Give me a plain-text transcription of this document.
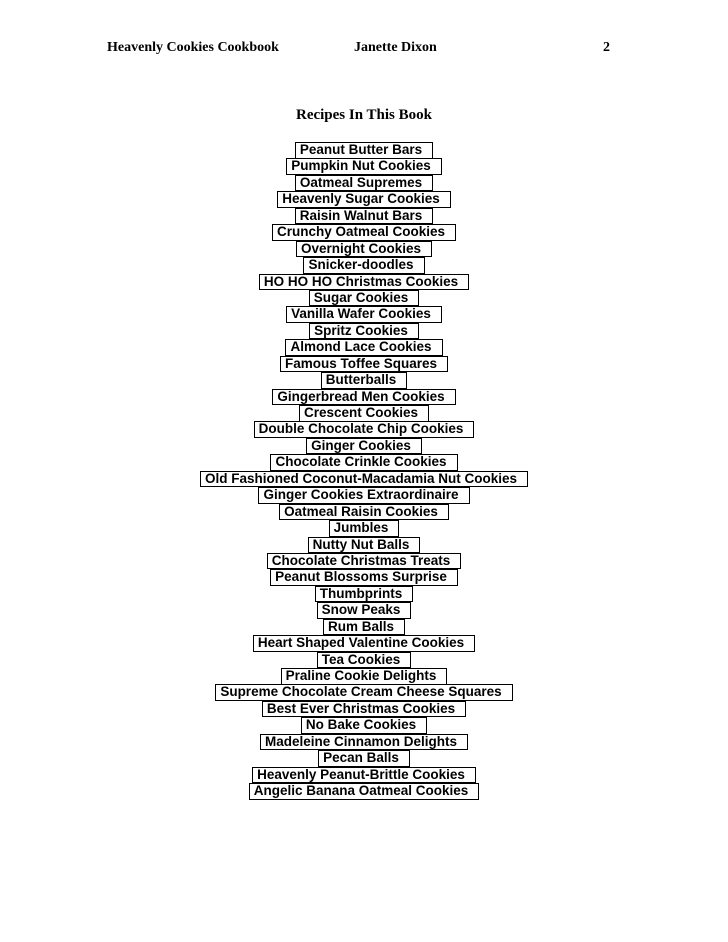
Heavenly Cookies Cookbook	Janette Dixon	2
Recipes In This Book
Peanut Butter Bars
Pumpkin Nut Cookies
Oatmeal Supremes
Heavenly Sugar Cookies
Raisin Walnut Bars
Crunchy Oatmeal Cookies
Overnight Cookies
Snicker-doodles
HO HO HO Christmas Cookies
Sugar Cookies
Vanilla Wafer Cookies
Spritz Cookies
Almond Lace Cookies
Famous Toffee Squares
Butterballs
Gingerbread Men Cookies
Crescent Cookies
Double Chocolate Chip Cookies
Ginger Cookies
Chocolate Crinkle Cookies
Old Fashioned Coconut-Macadamia Nut Cookies
Ginger Cookies Extraordinaire
Oatmeal Raisin Cookies
Jumbles
Nutty Nut Balls
Chocolate Christmas Treats
Peanut Blossoms Surprise
Thumbprints
Snow Peaks
Rum Balls
Heart Shaped Valentine Cookies
Tea Cookies
Praline Cookie Delights
Supreme Chocolate Cream Cheese Squares
Best Ever Christmas Cookies
No Bake Cookies
Madeleine Cinnamon Delights
Pecan Balls
Heavenly Peanut-Brittle Cookies
Angelic Banana Oatmeal Cookies
